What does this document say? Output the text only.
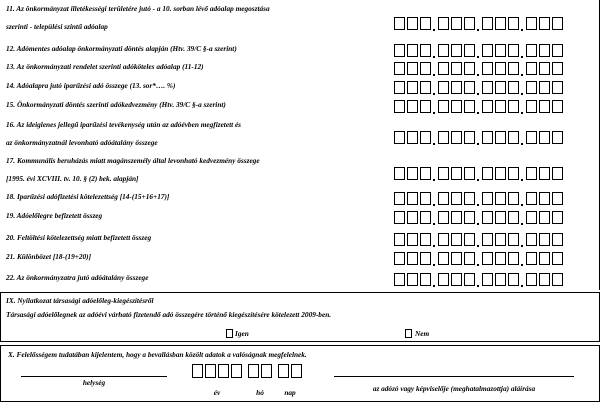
11. Az önkormányzat illetékességi területére jutó - a 10. sorban lévő adóalap megosztása
szerinti - települési szintű adóalap
12. Adómentes adóalap önkormányzati döntés alapján (Htv. 39/C §-a szerint)
13. Az önkormányzati rendelet szerinti adóköteles adóalap (11-12)
14. Adóalapra jutó iparűzési adó összege (13. sor*…. %)
15. Önkormányzati döntés szerinti adókedvezmény (Htv. 39/C §-a szerint)
16. Az ideiglenes jellegű iparűzési tevékenység után az adóévben megfizetett és
az önkormányzatnál levonható adóátalány összege
17. Kommunális beruházás miatt magánszemély által levonható kedvezmény összege
[1995. évi XCVIII. tv. 10. § (2) bek. alapján]
18. Iparűzési adófizetési kötelezettség [14-(15+16+17)]
19. Adóelőlegre befizetett összeg
20. Feltöltési kötelezettség miatt befizetett összeg
21. Különbözet [18-(19+20)]
22. Az önkormányzatra jutó adóátalány összege
IX. Nyilatkozat társasági adóelőleg-kiegészítésről
Társasági adóelőlegnek az adóévi várható fizetendő adó összegére történő kiegészítésére kötelezett 2009-ben.
Igen	Nem
X. Felelősségem tudatában kijelentem, hogy a bevallásban közölt adatok a valóságnak megfelelnek.
helység
év	hó	nap	az adózó vagy képviselője (meghatalmazottja) aláírása
